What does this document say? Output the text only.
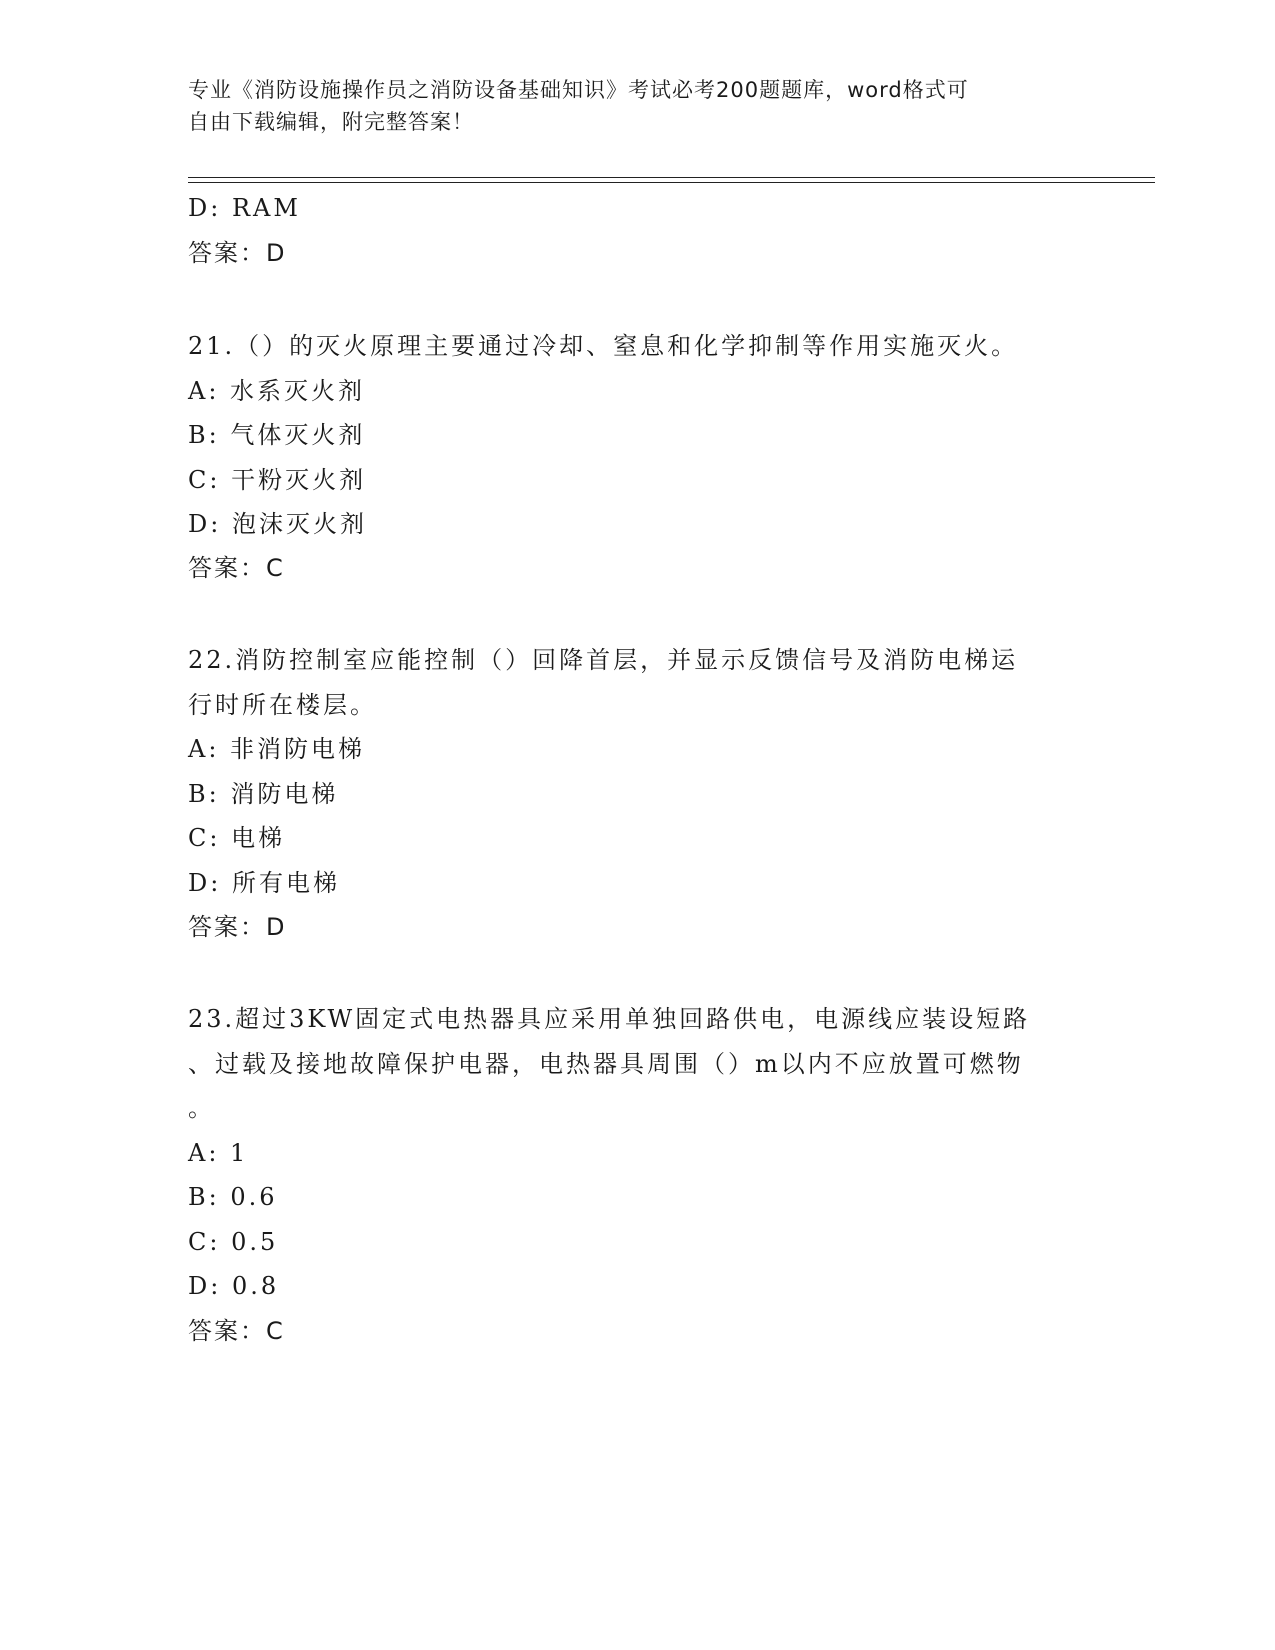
专业《消防设施操作员之消防设备基础知识》考试必考200题题库，word格式可
自由下载编辑，附完整答案！
D: RAM
答案：D
21.（）的灭火原理主要通过冷却、窒息和化学抑制等作用实施灭火。
A: 水系灭火剂
B: 气体灭火剂
C: 干粉灭火剂
D: 泡沫灭火剂
答案：C
22.消防控制室应能控制（）回降首层，并显示反馈信号及消防电梯运
行时所在楼层。
A: 非消防电梯
B: 消防电梯
C: 电梯
D: 所有电梯
答案：D
23.超过3KW固定式电热器具应采用单独回路供电，电源线应装设短路
、过载及接地故障保护电器，电热器具周围（）m以内不应放置可燃物
。
A: 1
B: 0.6
C: 0.5
D: 0.8
答案：C
